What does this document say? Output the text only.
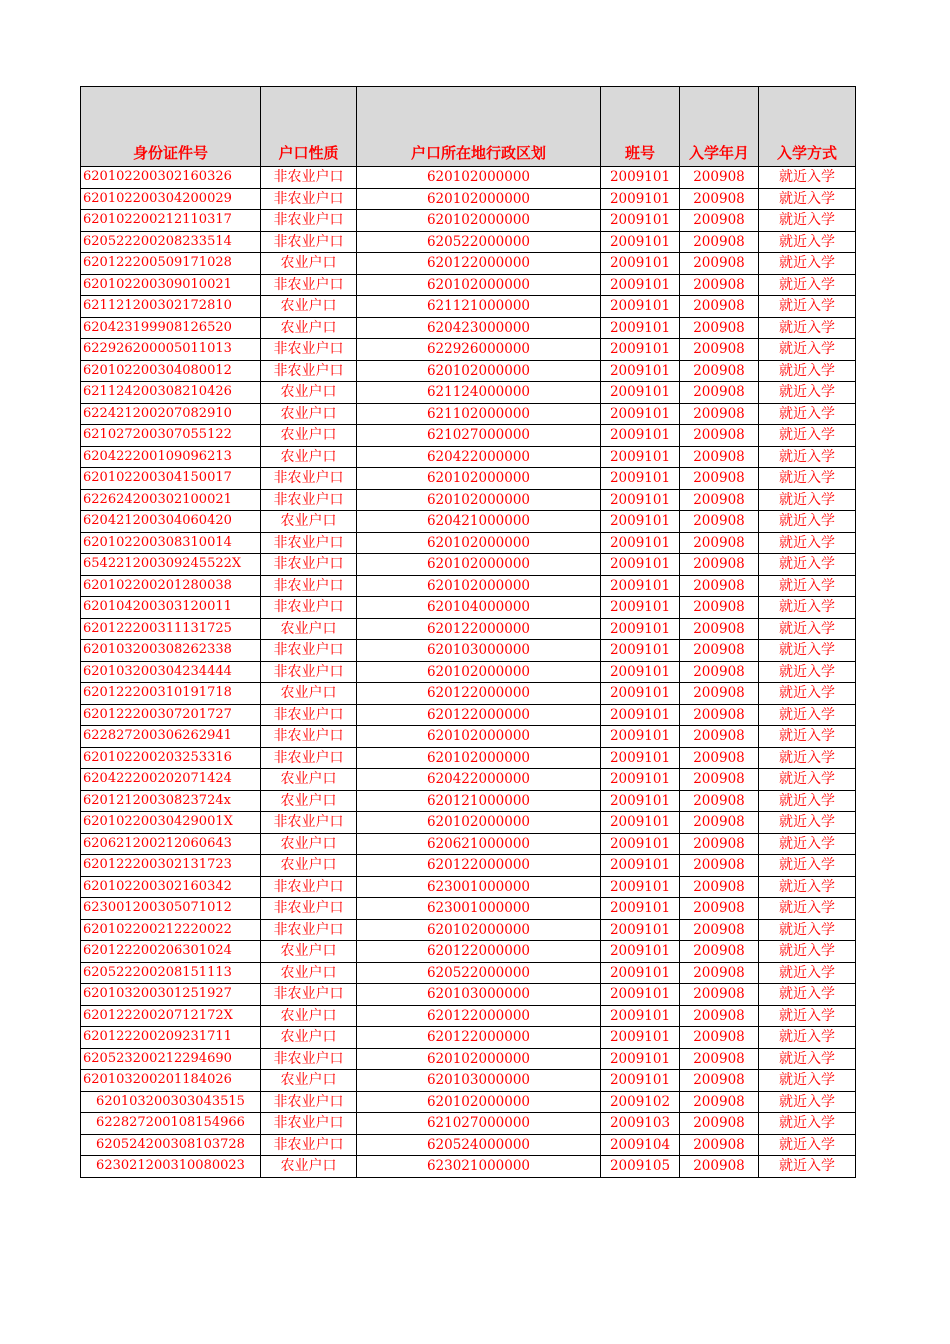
身份证件号	户口性质	户口所在地行政区划	班号	入学年月	入学方式
620102200302160326	非农业户口	620102000000	2009101	200908	就近入学
620102200304200029	非农业户口	620102000000	2009101	200908	就近入学
620102200212110317	非农业户口	620102000000	2009101	200908	就近入学
620522200208233514	非农业户口	620522000000	2009101	200908	就近入学
620122200509171028	农业户口	620122000000	2009101	200908	就近入学
620102200309010021	非农业户口	620102000000	2009101	200908	就近入学
621121200302172810	农业户口	621121000000	2009101	200908	就近入学
620423199908126520	农业户口	620423000000	2009101	200908	就近入学
622926200005011013	非农业户口	622926000000	2009101	200908	就近入学
620102200304080012	非农业户口	620102000000	2009101	200908	就近入学
621124200308210426	农业户口	621124000000	2009101	200908	就近入学
622421200207082910	农业户口	621102000000	2009101	200908	就近入学
621027200307055122	农业户口	621027000000	2009101	200908	就近入学
620422200109096213	农业户口	620422000000	2009101	200908	就近入学
620102200304150017	非农业户口	620102000000	2009101	200908	就近入学
622624200302100021	非农业户口	620102000000	2009101	200908	就近入学
620421200304060420	农业户口	620421000000	2009101	200908	就近入学
620102200308310014	非农业户口	620102000000	2009101	200908	就近入学
654221200309245522X	非农业户口	620102000000	2009101	200908	就近入学
620102200201280038	非农业户口	620102000000	2009101	200908	就近入学
620104200303120011	非农业户口	620104000000	2009101	200908	就近入学
620122200311131725	农业户口	620122000000	2009101	200908	就近入学
620103200308262338	非农业户口	620103000000	2009101	200908	就近入学
620103200304234444	非农业户口	620102000000	2009101	200908	就近入学
620122200310191718	农业户口	620122000000	2009101	200908	就近入学
620122200307201727	非农业户口	620122000000	2009101	200908	就近入学
622827200306262941	非农业户口	620102000000	2009101	200908	就近入学
620102200203253316	非农业户口	620102000000	2009101	200908	就近入学
620422200202071424	农业户口	620422000000	2009101	200908	就近入学
62012120030823724x	农业户口	620121000000	2009101	200908	就近入学
62010220030429001X	非农业户口	620102000000	2009101	200908	就近入学
620621200212060643	农业户口	620621000000	2009101	200908	就近入学
620122200302131723	农业户口	620122000000	2009101	200908	就近入学
620102200302160342	非农业户口	623001000000	2009101	200908	就近入学
623001200305071012	非农业户口	623001000000	2009101	200908	就近入学
620102200212220022	非农业户口	620102000000	2009101	200908	就近入学
620122200206301024	农业户口	620122000000	2009101	200908	就近入学
620522200208151113	农业户口	620522000000	2009101	200908	就近入学
620103200301251927	非农业户口	620103000000	2009101	200908	就近入学
62012220020712172X	农业户口	620122000000	2009101	200908	就近入学
620122200209231711	农业户口	620122000000	2009101	200908	就近入学
620523200212294690	非农业户口	620102000000	2009101	200908	就近入学
620103200201184026	农业户口	620103000000	2009101	200908	就近入学
620103200303043515	非农业户口	620102000000	2009102	200908	就近入学
622827200108154966	非农业户口	621027000000	2009103	200908	就近入学
620524200308103728	非农业户口	620524000000	2009104	200908	就近入学
623021200310080023	农业户口	623021000000	2009105	200908	就近入学
